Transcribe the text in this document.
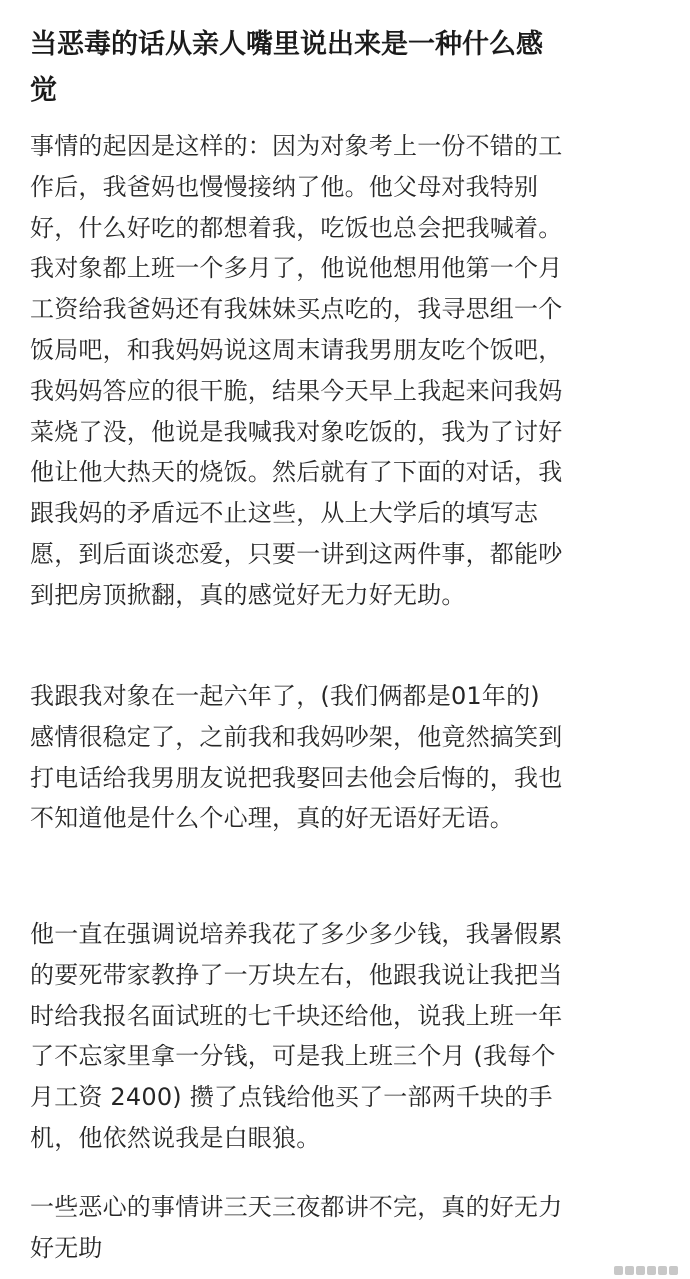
当恶毒的话从亲人嘴里说出来是一种什么感
觉
事情的起因是这样的：因为对象考上一份不错的工
作后，我爸妈也慢慢接纳了他。他父母对我特别
好，什么好吃的都想着我，吃饭也总会把我喊着。
我对象都上班一个多月了，他说他想用他第一个月
工资给我爸妈还有我妹妹买点吃的，我寻思组一个
饭局吧，和我妈妈说这周末请我男朋友吃个饭吧，
我妈妈答应的很干脆，结果今天早上我起来问我妈
菜烧了没，他说是我喊我对象吃饭的，我为了讨好
他让他大热天的烧饭。然后就有了下面的对话，我
跟我妈的矛盾远不止这些，从上大学后的填写志
愿，到后面谈恋爱，只要一讲到这两件事，都能吵
到把房顶掀翻，真的感觉好无力好无助。
我跟我对象在一起六年了，(我们俩都是01年的)
感情很稳定了，之前我和我妈吵架，他竟然搞笑到
打电话给我男朋友说把我娶回去他会后悔的，我也
不知道他是什么个心理，真的好无语好无语。
他一直在强调说培养我花了多少多少钱，我暑假累
的要死带家教挣了一万块左右，他跟我说让我把当
时给我报名面试班的七千块还给他，说我上班一年
了不忘家里拿一分钱，可是我上班三个月 (我每个
月工资 2400) 攒了点钱给他买了一部两千块的手
机，他依然说我是白眼狼。
一些恶心的事情讲三天三夜都讲不完，真的好无力
好无助
